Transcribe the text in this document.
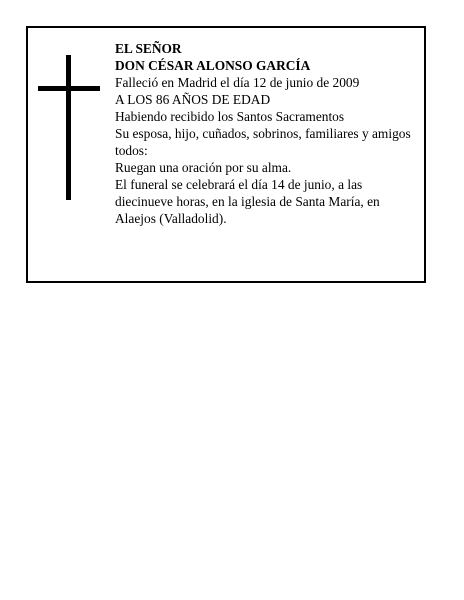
EL SEÑOR
DON CÉSAR ALONSO GARCÍA
Falleció en Madrid el día 12 de junio de 2009
A LOS 86 AÑOS DE EDAD
Habiendo recibido los Santos Sacramentos
Su esposa, hijo, cuñados, sobrinos, familiares y amigos todos:
Ruegan una oración por su alma.
El funeral se celebrará el día 14 de junio, a las diecinueve horas, en la iglesia de Santa María, en Alaejos (Valladolid).
